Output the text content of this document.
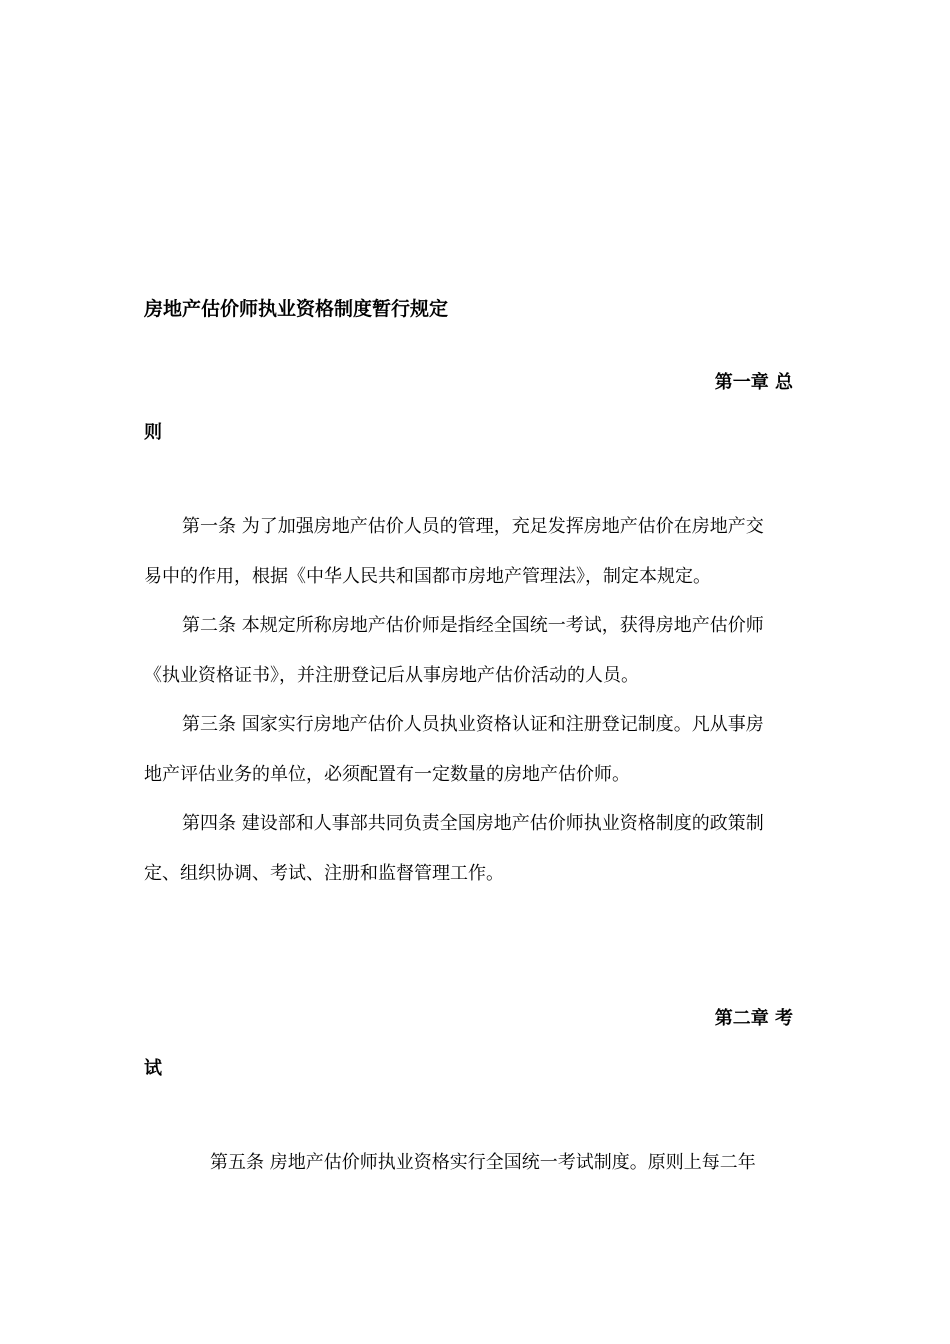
房地产估价师执业资格制度暂行规定
第一章 总
则
第一条 为了加强房地产估价人员的管理，充足发挥房地产估价在房地产交
易中的作用，根据《中华人民共和国都市房地产管理法》，制定本规定。
第二条 本规定所称房地产估价师是指经全国统一考试，获得房地产估价师
《执业资格证书》，并注册登记后从事房地产估价活动的人员。
第三条 国家实行房地产估价人员执业资格认证和注册登记制度。凡从事房
地产评估业务的单位，必须配置有一定数量的房地产估价师。
第四条 建设部和人事部共同负责全国房地产估价师执业资格制度的政策制
定、组织协调、考试、注册和监督管理工作。
第二章 考
试
第五条 房地产估价师执业资格实行全国统一考试制度。原则上每二年
